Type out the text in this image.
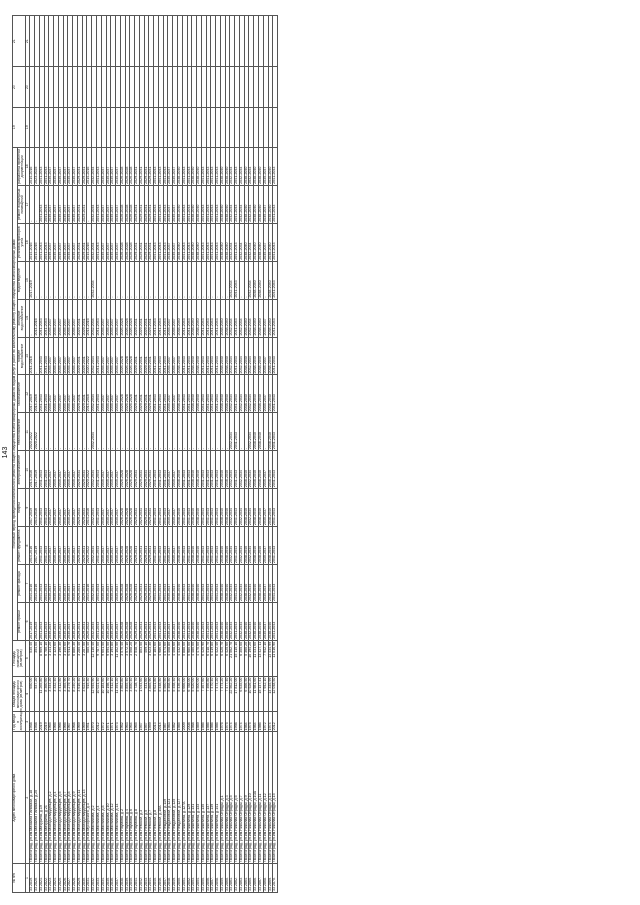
143
№ п/п	Адрес многоквартирного дома	Год ввода в эксплуатацию	Общая площадь многоквартирного дома (кв.метров)	Площадь помещений (кв.метров)	Плановый период проведения капитального ремонта общего имущества в многоквартирных домах по видам услуг и работ по капитальному ремонту общего имущества в многоквартирных домах													19	20	21
					ремонт крыши	ремонт фасада	ремонт фундамента	лифты	электроснабжение	теплоснабжение	газоснабжение	горячее водоснабжение	холодное водоснабжение	водоотведение	установка приборов учета	ремонт подвальных помещений	разработка проектной документации			
1	2	3	4	5	6	7	8	9	10	11	12	13	14	15	16	17	18	19	20	21
33.2819.	г.Волгоград, ул.им.Михаила Паникахи, д.18	1958	650,00	535,40	2017-2019	2014-2016	2014-2016	2017-2019	2014-2016	2020-2022	2017-2019	2014-2016	-	2017-2019	2014-2016	-	2014-2016			
33.2820.	г.Волгоград, ул.им.Михаила Паникахи, д.20	1958	537,20	354,00	2023-2025	2014-2016	2017-2019	2014-2016	2017-2019	2020-2022	2014-2016	-	2014-2016	-	2014-2016	-	2023-2025			
33.2821.	г.Волгоград, ул.им.Мичурина, д.19	2019	11 265,80	8 969,10	2041-2043	2041-2043	2041-2043	2041-2043	2041-2043	-	2041-2043	2041-2043	2041-2043	-	2041-2043	2041-2043	2041-2043			
33.2822.	г.Волгоград, ул.им.Мичурина, д.21	2019	8 360,60	6 780,10	2041-2043	2041-2043	2041-2043	2041-2043	2041-2043	-	2041-2043	2041-2043	2041-2043	-	2041-2043	2041-2043	2041-2043			
33.2823.	г.Волгоград, ул.им.Молодогвардейцев, д.2	1965	3 344,20	3 141,20	2035-2037	2035-2037	2035-2037	2035-2037	2035-2037	-	2035-2037	2035-2037	2035-2037	-	2035-2037	2035-2037	2035-2037			
33.2824.	г.Волгоград, ул.им.Молодогвардейцев, д.4	1966	3 332,40	3 123,60	2035-2037	2035-2037	2035-2037	2035-2037	2035-2037	-	2035-2037	2035-2037	2035-2037	-	2035-2037	2035-2037	2035-2037			
33.2825.	г.Волгоград, ул.им.Молодогвардейцев, д.5	1966	3 412,50	3 190,30	2035-2037	2035-2037	2035-2037	2035-2037	2035-2037	-	2035-2037	2035-2037	2035-2037	-	2035-2037	2035-2037	2035-2037			
33.2826.	г.Волгоград, ул.им.Молодогвардейцев, д.7	1966	3 365,90	3 145,60	2035-2037	2035-2037	2035-2037	2035-2037	2035-2037	-	2035-2037	2035-2037	2035-2037	-	2035-2037	2035-2037	2035-2037			
33.2827.	г.Волгоград, ул.им.Молодогвардейцев, д.8	1967	8 279,70	6 911,70	2035-2037	2035-2037	2035-2037	2035-2037	2035-2037	-	2035-2037	2035-2037	2035-2037	-	2035-2037	2035-2037	2035-2037			
33.2828.	г.Волгоград, ул.им.Молодогвардейцев, д.9	1968	8 240,20	6 880,30	2035-2037	2035-2037	2035-2037	2035-2037	2035-2037	-	2035-2037	2035-2037	2035-2037	-	2035-2037	2035-2037	2035-2037			
33.2829.	г.Волгоград, ул.им.Молодогвардейцев, д.11	1969	3 616,40	3 285,40	2029-2031	2029-2031	2029-2031	2029-2031	2029-2031	-	2029-2031	2029-2031	2029-2031	-	2029-2031	2029-2031	2029-2031			
33.2830.	г.Волгоград, ул.им.Молодогвардейцев, д.13	1969	3 624,40	3 287,50	2029-2031	2029-2031	2029-2031	2029-2031	2029-2031	-	2029-2031	2029-2031	2029-2031	-	2029-2031	2029-2031	2029-2031			
33.2831.	г.Волгоград, ул.им.Мусоргского, д.3	1951	915,30	585,40	2020-2022	2014-2016	2020-2022	2014-2016	2020-2022	-	2014-2016	2020-2022	2014-2016	-	2014-2016	-	2014-2016			
33.2832.	г.Волгоград, ул.им.Мясникова, д.2	1970	12 945,90	12 110,40	2032-2034	2032-2034	2032-2034	2032-2034	2032-2034	2032-2034	2032-2034	2032-2034	2032-2034	2032-2034	2032-2034	2032-2034	2032-2034			
33.2833.	г.Волгоград, ул.им.Мясникова, д.4	2012	10 021,40	9 787,00	2041-2043	2041-2043	2041-2043	2041-2043	2041-2043	-	2041-2043	2041-2043	2041-2043	-	2041-2043	2041-2043	2041-2043			
33.2834.	г.Волгоград, ул.им.Мясникова, д.8	1972	10 184,60	9 601,50	2035-2037	2035-2037	2035-2037	2035-2037	2035-2037	-	2035-2037	2035-2037	2035-2037	-	2035-2037	2035-2037	2035-2037			
33.2835.	г.Волгоград, ул.им.Мясникова, д.10	1971	10 198,70	9 594,50	2035-2037	2035-2037	2035-2037	2035-2037	2035-2037	-	2035-2037	2035-2037	2035-2037	-	2035-2037	2035-2037	2035-2037			
33.2836.	г.Волгоград, ул.им.Мясникова, д.12	1971	3 412,10	3 194,80	2035-2037	2035-2037	2035-2037	2035-2037	2035-2037	-	2035-2037	2035-2037	2035-2037	-	2035-2037	2035-2037	2035-2037			
33.2837.	г.Волгоград, ул.им.Мясникова, д.14	1973	11 391,20	11 102,50	2035-2037	2035-2037	2035-2037	2035-2037	2035-2037	-	2035-2037	2035-2037	2035-2037	-	2035-2037	2035-2037	2035-2037			
33.2838.	г.Волгоград, ул.им.Наумова, д.2	1962	3 862,80	3 570,40	2026-2028	2026-2028	2026-2028	2026-2028	2026-2028	-	2026-2028	2026-2028	2026-2028	-	2026-2028	2026-2028	2026-2028			
33.2839.	г.Волгоград, ул.им.Наумова, д.4	1963	3 855,40	3 572,10	2026-2028	2026-2028	2026-2028	2026-2028	2026-2028	-	2026-2028	2026-2028	2026-2028	-	2026-2028	2026-2028	2026-2028			
33.2840.	г.Волгоград, ул.им.Наумова, д.6	1964	3 850,40	3 568,20	2026-2028	2026-2028	2026-2028	2026-2028	2026-2028	-	2026-2028	2026-2028	2026-2028	-	2026-2028	2026-2028	2026-2028			
33.2841.	г.Волгоград, ул.им.Наумова, д.8	1965	2 728,70	2 548,70	2029-2031	2029-2031	2029-2031	2029-2031	2029-2031	-	2029-2031	2029-2031	2029-2031	-	2029-2031	2029-2031	2029-2031			
33.2842.	г.Волгоград, ул.им.Невской, д.3	1957	1 044,60	803,50	2029-2031	2029-2031	2029-2031	2029-2031	2029-2031	-	2029-2031	2029-2031	2029-2031	-	2029-2031	2029-2031	2029-2031			
33.2843.	г.Волгоград, ул.им.Невской, д.5	1957	431,60	409,10	2029-2031	2029-2031	2029-2031	2029-2031	2029-2031	-	2029-2031	2029-2031	2029-2031	-	2029-2031	2029-2031	2029-2031			
33.2844.	г.Волгоград, ул.им.Невской, д.7	1959	3 865,90	3 623,30	2029-2031	2029-2031	2029-2031	2029-2031	2029-2031	-	2029-2031	2029-2031	2029-2031	-	2029-2031	2029-2031	2029-2031			
33.2845.	г.Волгоград, ул.им.Невской, д.8	2013	5 621,80	5 184,60	2041-2043	2041-2043	2041-2043	2041-2043	2041-2043	-	2041-2043	2041-2043	2041-2043	-	2041-2043	2041-2043	2041-2043			
33.2846.	г.Волгоград, ул.им.Невской, д.10А	2014	5 448,50	4 986,60	2041-2043	2041-2043	2041-2043	2041-2043	2041-2043	-	2041-2043	2041-2043	2041-2043	-	2041-2043	2041-2043	2041-2043			
33.2847.	г.Волгоград, ул.им.Неждановой, д.119	1987	5 560,50	4 574,60	2041-2043	2041-2043	2041-2043	2041-2043	2041-2043	-	2041-2043	2041-2043	2041-2043	-	2041-2043	2041-2043	2041-2043			
33.2848.	г.Волгоград, ул.им.Неждановой, д.121	1983	5 468,50	4 408,80	2035-2037	2035-2037	2035-2037	2035-2037	2035-2037	-	2035-2037	2035-2037	2035-2037	-	2035-2037	2035-2037	2035-2037			
33.2849.	г.Волгоград, ул.им.Неждановой, д.125	1982	5 458,40	4 408,60	2035-2037	2035-2037	2035-2037	2035-2037	2035-2037	-	2035-2037	2035-2037	2035-2037	-	2035-2037	2035-2037	2035-2037			
33.2850.	г.Волгоград, ул.им.Неждановой, д.127	1985	5 436,20	4 432,50	2038-2040	2038-2040	2038-2040	2038-2040	2038-2040	-	2038-2040	2038-2040	2038-2040	-	2038-2040	2038-2040	2038-2040			
33.2851.	г.Волгоград, ул.им.Никитина, д.127А	2009	6 666,00	5 888,00	2041-2043	2041-2043	2041-2043	2041-2043	2041-2043	-	2041-2043	2041-2043	2041-2043	-	2041-2043	2041-2043	2041-2043			
33.2852.	г.Волгоград, ул.им.Никитина, д.129	2008	6 788,00	5 980,00	2041-2043	2041-2043	2041-2043	2041-2043	2041-2043	-	2041-2043	2041-2043	2041-2043	-	2041-2043	2041-2043	2041-2043			
33.2853.	г.Волгоград, ул.им.Никитина, д.131	1988	5 520,00	4 480,00	2038-2040	2038-2040	2038-2040	2038-2040	2038-2040	-	2038-2040	2038-2040	2038-2040	-	2038-2040	2038-2040	2038-2040			
33.2854.	г.Волгоград, ул.им.Никитина, д.133	1989	5 500,00	4 470,00	2038-2040	2038-2040	2038-2040	2038-2040	2038-2040	-	2038-2040	2038-2040	2038-2040	-	2038-2040	2038-2040	2038-2040			
33.2855.	г.Волгоград, ул.им.Никитина, д.135	1986	7 467,60	6 420,90	2041-2043	2041-2043	2041-2043	2041-2043	2041-2043	-	2041-2043	2041-2043	2041-2043	-	2041-2043	2041-2043	2041-2043			
33.2856.	г.Волгоград, ул.им.Никитина, д.137	1986	7 466,80	6 418,70	2041-2043	2041-2043	2041-2043	2041-2043	2041-2043	-	2041-2043	2041-2043	2041-2043	-	2041-2043	2041-2043	2041-2043			
33.2857.	г.Волгоград, ул.им.Никитина, д.139	1986	7 470,40	6 419,80	2041-2043	2041-2043	2041-2043	2041-2043	2041-2043	-	2041-2043	2041-2043	2041-2043	-	2041-2043	2041-2043	2041-2043			
33.2858.	г.Волгоград, ул.им.Никитина, д.141	1986	7 474,20	6 422,40	2041-2043	2041-2043	2041-2043	2041-2043	2041-2043	-	2041-2043	2041-2043	2041-2043	-	2041-2043	2041-2043	2041-2043			
33.2859.	г.Волгоград, ул.им.Николая Отрады, д.1	1976	7 474,20	6 420,70	2038-2040	2038-2040	2038-2040	2038-2040	2038-2040	-	2038-2040	2038-2040	2038-2040	-	2038-2040	2038-2040	2038-2040			
33.2860.	г.Волгоград, ул.им.Николая Отрады, д.3	1975	7 477,40	6 425,60	2038-2040	2038-2040	2038-2040	2038-2040	2038-2040	-	2038-2040	2038-2040	2038-2040	-	2038-2040	2038-2040	2038-2040			
33.2861.	г.Волгоград, ул.им.Николая Отрады, д.5	1974	22 562,20	21 562,70	2032-2034	2032-2034	2032-2034	2032-2034	2032-2034	2032-2034	2032-2034	2032-2034	2032-2034	2032-2034	2032-2034	2032-2034	2032-2034			
33.2862.	г.Волгоград, ул.им.Николая Отрады, д.6	1998	17 812,00	15 115,10	2041-2043	2041-2043	2041-2043	2041-2043	2041-2043	2041-2043	2041-2043	2041-2043	2041-2043	2041-2043	2041-2043	2041-2043	2041-2043			
33.2863.	г.Волгоград, ул.им.Николая Отрады, д.7	1974	6 635,00	6 305,00	2032-2034	2032-2034	2032-2034	2032-2034	2032-2034	-	2032-2034	2032-2034	2032-2034	-	2032-2034	2032-2034	2032-2034			
33.2864.	г.Волгоград, ул.им.Николая Отрады, д.9	1984	6 366,50	5 360,20	2038-2040	2038-2040	2038-2040	2038-2040	2038-2040	-	2038-2040	2038-2040	2038-2040	-	2038-2040	2038-2040	2038-2040			
33.2865.	г.Волгоград, ул.им.Николая Отрады, д.10	1975	10 926,20	10 194,20	2032-2034	2032-2034	2032-2034	2032-2034	2032-2034	2032-2034	2032-2034	2032-2034	2032-2034	2032-2034	2032-2034	2032-2034	2032-2034			
33.2866.	г.Волгоград, ул.им.Николая Отрады, д.10А	1984	11 981,60	11 431,60	2038-2040	2038-2040	2038-2040	2038-2040	2038-2040	2038-2040	2038-2040	2038-2040	2038-2040	2038-2040	2038-2040	2038-2040	2038-2040			
33.2867.	г.Волгоград, ул.им.Николая Отрады, д.11	1986	15 147,41	13 427,11	2038-2040	2038-2040	2038-2040	2038-2040	2038-2040	2038-2040	2038-2040	2038-2040	2038-2040	2038-2040	2038-2040	2038-2040	2038-2040			
33.2868.	г.Волгоград, ул.им.Николая Отрады, д.12	1972	7 942,10	7 942,10	2035-2037	2035-2037	2035-2037	2035-2037	2035-2037	-	2035-2037	2035-2037	2035-2037	-	2035-2037	2035-2037	2035-2037			
33.2869.	г.Волгоград, ул.им.Николая Отрады, д.13	1974	14 345,99	13 434,99	2038-2040	2038-2040	2038-2040	2038-2040	2038-2040	2038-2040	2038-2040	2038-2040	2038-2040	2038-2040	2038-2040	2038-2040	2038-2040			
33.2870.	г.Волгоград, ул.им.Николая Отрады, д.15	2012	12 048,50	11 016,90	2041-2043	2041-2043	2041-2043	2041-2043	2041-2043	2041-2043	2041-2043	2041-2043	2041-2043	2041-2043	2041-2043	2041-2043	2041-2043			
